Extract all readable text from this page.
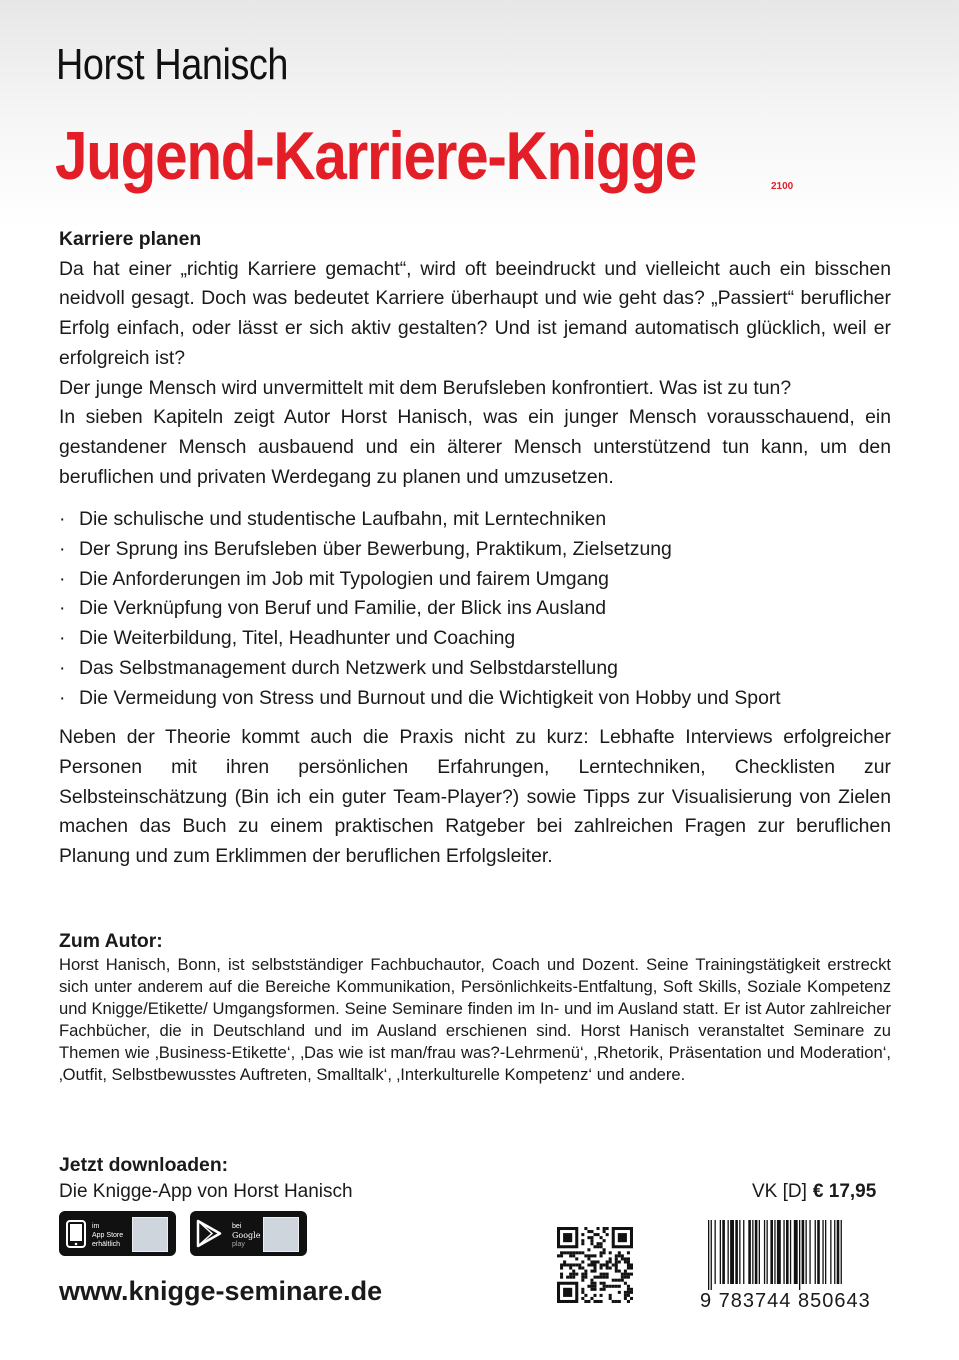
Horst Hanisch
Jugend-Karriere-Knigge	2100
Karriere planen

Da hat einer „richtig Karriere gemacht“, wird oft beeindruckt und vielleicht auch ein bisschen neidvoll gesagt. Doch was bedeutet Karriere überhaupt und wie geht das? „Passiert“ beruflicher Erfolg einfach, oder lässt er sich aktiv gestalten? Und ist jemand automatisch glücklich, weil er erfolgreich ist?

Der junge Mensch wird unvermittelt mit dem Berufsleben konfrontiert. Was ist zu tun?

In sieben Kapiteln zeigt Autor Horst Hanisch, was ein junger Mensch vorausschauend, ein gestandener Mensch ausbauend und ein älterer Mensch unterstützend tun kann, um den beruflichen und privaten Werdegang zu planen und umzusetzen.

· Die schulische und studentische Laufbahn, mit Lerntechniken
· Der Sprung ins Berufsleben über Bewerbung, Praktikum, Zielsetzung
· Die Anforderungen im Job mit Typologien und fairem Umgang
· Die Verknüpfung von Beruf und Familie, der Blick ins Ausland
· Die Weiterbildung, Titel, Headhunter und Coaching
· Das Selbstmanagement durch Netzwerk und Selbstdarstellung
· Die Vermeidung von Stress und Burnout und die Wichtigkeit von Hobby und Sport

Neben der Theorie kommt auch die Praxis nicht zu kurz: Lebhafte Interviews erfolgreicher Personen mit ihren persönlichen Erfahrungen, Lerntechniken, Checklisten zur Selbsteinschätzung (Bin ich ein guter Team-Player?) sowie Tipps zur Visualisierung von Zielen machen das Buch zu einem praktischen Ratgeber bei zahlreichen Fragen zur beruflichen Planung und zum Erklimmen der beruflichen Erfolgsleiter.

Zum Autor:

Horst Hanisch, Bonn, ist selbstständiger Fachbuchautor, Coach und Dozent. Seine Trainingstätigkeit erstreckt sich unter anderem auf die Bereiche Kommunikation, Persönlichkeits-Entfaltung, Soft Skills, Soziale Kompetenz und Knigge/Etikette/ Umgangsformen. Seine Seminare finden im In- und im Ausland statt. Er ist Autor zahlreicher Fachbücher, die in Deutschland und im Ausland erschienen sind. Horst Hanisch veranstaltet Seminare zu Themen wie ‚Business-Etikette‘, ‚Das wie ist man/frau was?-Lehrmenü‘, ‚Rhetorik, Präsentation und Moderation‘, ‚Outfit, Selbstbewusstes Auftreten, Smalltalk‘, ‚Interkulturelle Kompetenz‘ und andere.

Jetzt downloaden:
Die Knigge-App von Horst Hanisch
im
App Store
erhältlich
bei
Google
play
www.knigge-seminare.de
VK [D] € 17,95
9 783744 850643
